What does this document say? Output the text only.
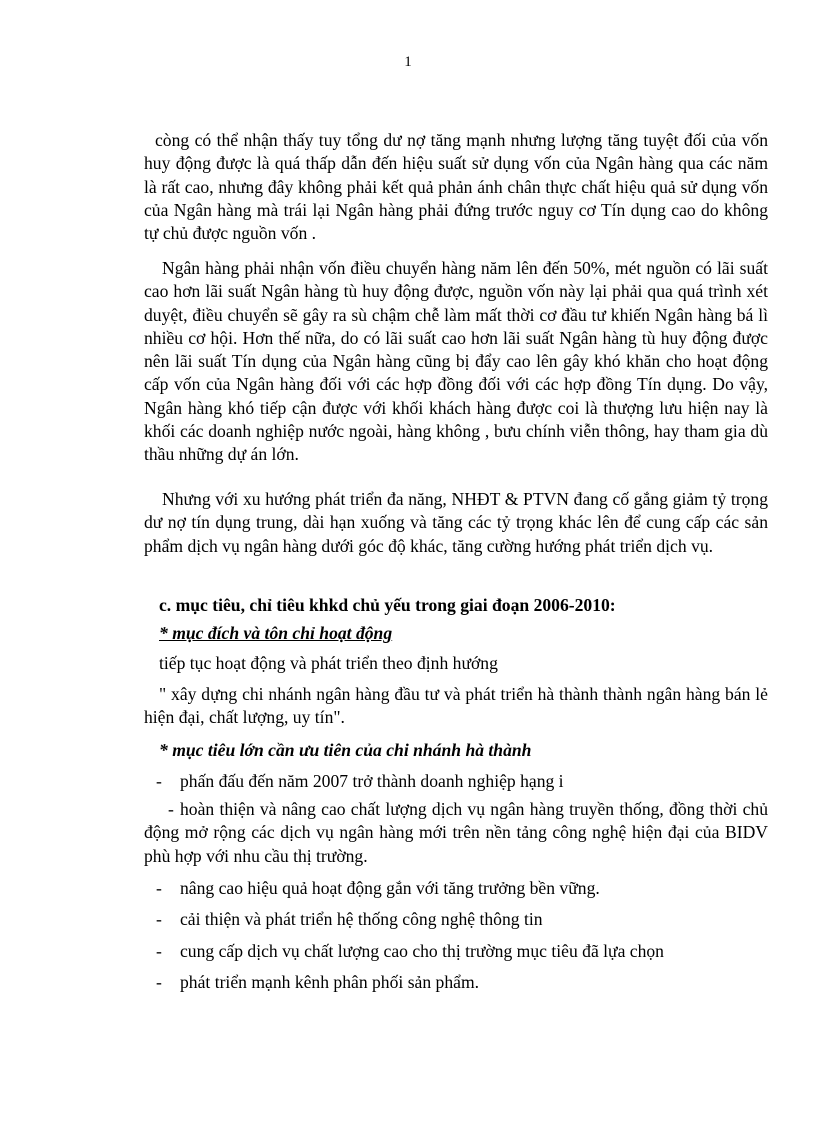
1
còng có thể nhận thấy tuy tổng dư nợ tăng mạnh nhưng lượng tăng tuyệt đối của vốn huy động được là quá thấp dẫn đến hiệu suất sử dụng vốn của Ngân hàng qua các năm là rất cao, nhưng đây không phải kết quả phản ánh chân thực chất hiệu quả sử dụng vốn của Ngân hàng mà trái lại Ngân hàng phải đứng trước nguy cơ Tín dụng cao do không tự chủ được nguồn vốn .
Ngân hàng phải nhận vốn điều chuyển hàng năm lên đến 50%, mét nguồn có lãi suất cao hơn lãi suất Ngân hàng tù huy động được, nguồn vốn này lại phải qua quá trình xét duyệt, điều chuyển sẽ gây ra sù chậm chễ làm mất thời cơ đầu tư khiến Ngân hàng bá lì nhiều cơ hội. Hơn thế nữa, do có lãi suất cao hơn lãi suất Ngân hàng tù huy động được nên lãi suất Tín dụng của Ngân hàng cũng bị đẩy cao lên gây khó khăn cho hoạt động cấp vốn của Ngân hàng đối với các hợp đồng đối với các hợp đồng Tín dụng. Do vậy, Ngân hàng khó tiếp cận được với khối khách hàng được coi là thượng lưu hiện nay là khối các doanh nghiệp nước ngoài, hàng không , bưu chính viễn thông, hay tham gia dù thầu những dự án lớn.
Nhưng với xu hướng phát triển đa năng, NHĐT & PTVN đang cố gắng giảm tỷ trọng dư nợ tín dụng trung, dài hạn xuống và tăng các tỷ trọng khác lên để cung cấp các sản phẩm dịch vụ ngân hàng dưới góc độ khác, tăng cường hướng phát triển dịch vụ.
c. mục tiêu, chỉ tiêu khkd chủ yếu trong giai đoạn 2006-2010:
* mục đích và tôn chỉ hoạt động
tiếp tục hoạt động và phát triển theo định hướng
" xây dựng chi nhánh ngân hàng đầu tư và phát triển hà thành thành ngân hàng bán lẻ hiện đại, chất lượng, uy tín".
* mục tiêu lớn cần ưu tiên của chi nhánh hà thành
- phấn đấu đến năm 2007 trở thành doanh nghiệp hạng i
- hoàn thiện và nâng cao chất lượng dịch vụ ngân hàng truyền thống, đồng thời chủ động mở rộng các dịch vụ ngân hàng mới trên nền tảng công nghệ hiện đại của BIDV phù hợp với nhu cầu thị trường.
- nâng cao hiệu quả hoạt động gắn với tăng trưởng bền vững.
- cải thiện và phát triển hệ thống công nghệ thông tin
- cung cấp dịch vụ chất lượng cao cho thị trường mục tiêu đã lựa chọn
- phát triển mạnh kênh phân phối sản phẩm.
